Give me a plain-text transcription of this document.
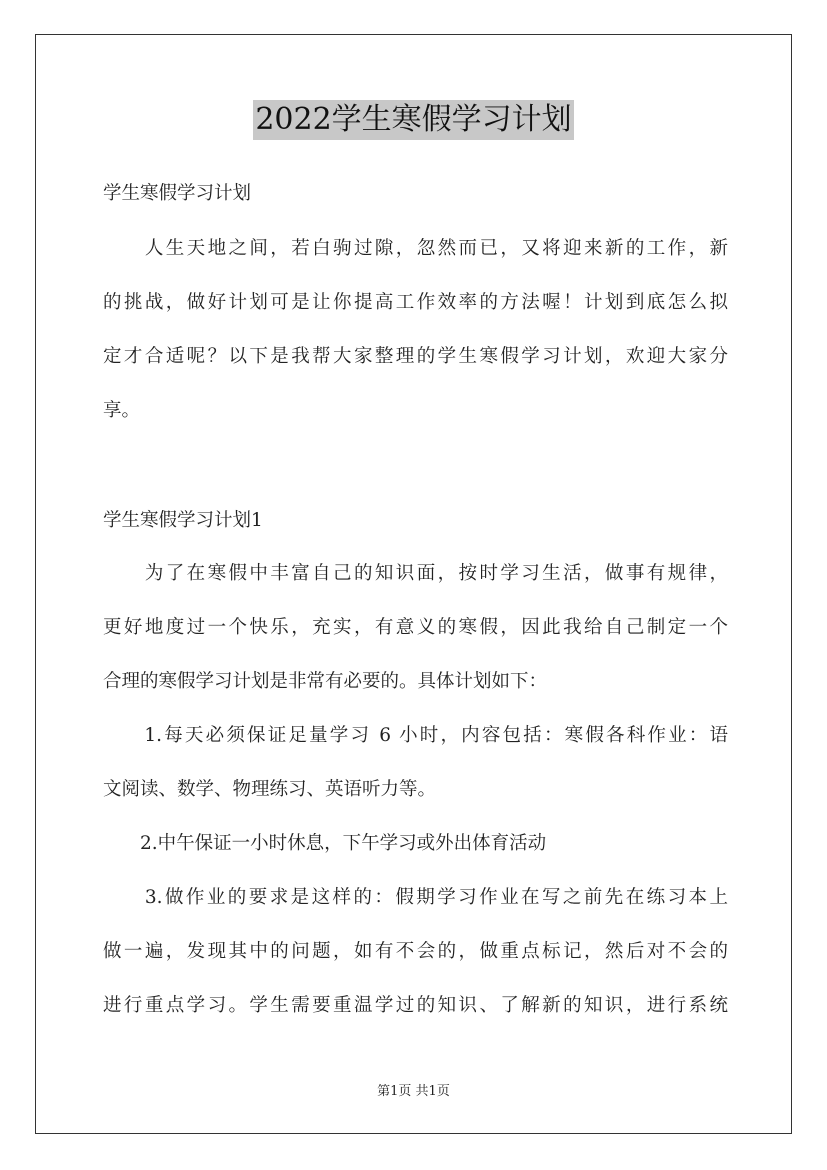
2022学生寒假学习计划

学生寒假学习计划

　　人生天地之间，若白驹过隙，忽然而已，又将迎来新的工作，新

的挑战，做好计划可是让你提高工作效率的方法喔！计划到底怎么拟

定才合适呢？以下是我帮大家整理的学生寒假学习计划，欢迎大家分

享。

学生寒假学习计划1

　　为了在寒假中丰富自己的知识面，按时学习生活，做事有规律，

更好地度过一个快乐，充实，有意义的寒假，因此我给自己制定一个

合理的寒假学习计划是非常有必要的。具体计划如下：

　　1.每天必须保证足量学习 6 小时，内容包括：寒假各科作业：语

文阅读、数学、物理练习、英语听力等。

　　2.中午保证一小时休息，下午学习或外出体育活动

　　3.做作业的要求是这样的：假期学习作业在写之前先在练习本上

做一遍，发现其中的问题，如有不会的，做重点标记，然后对不会的

进行重点学习。学生需要重温学过的知识、了解新的知识，进行系统

第1页 共1页
